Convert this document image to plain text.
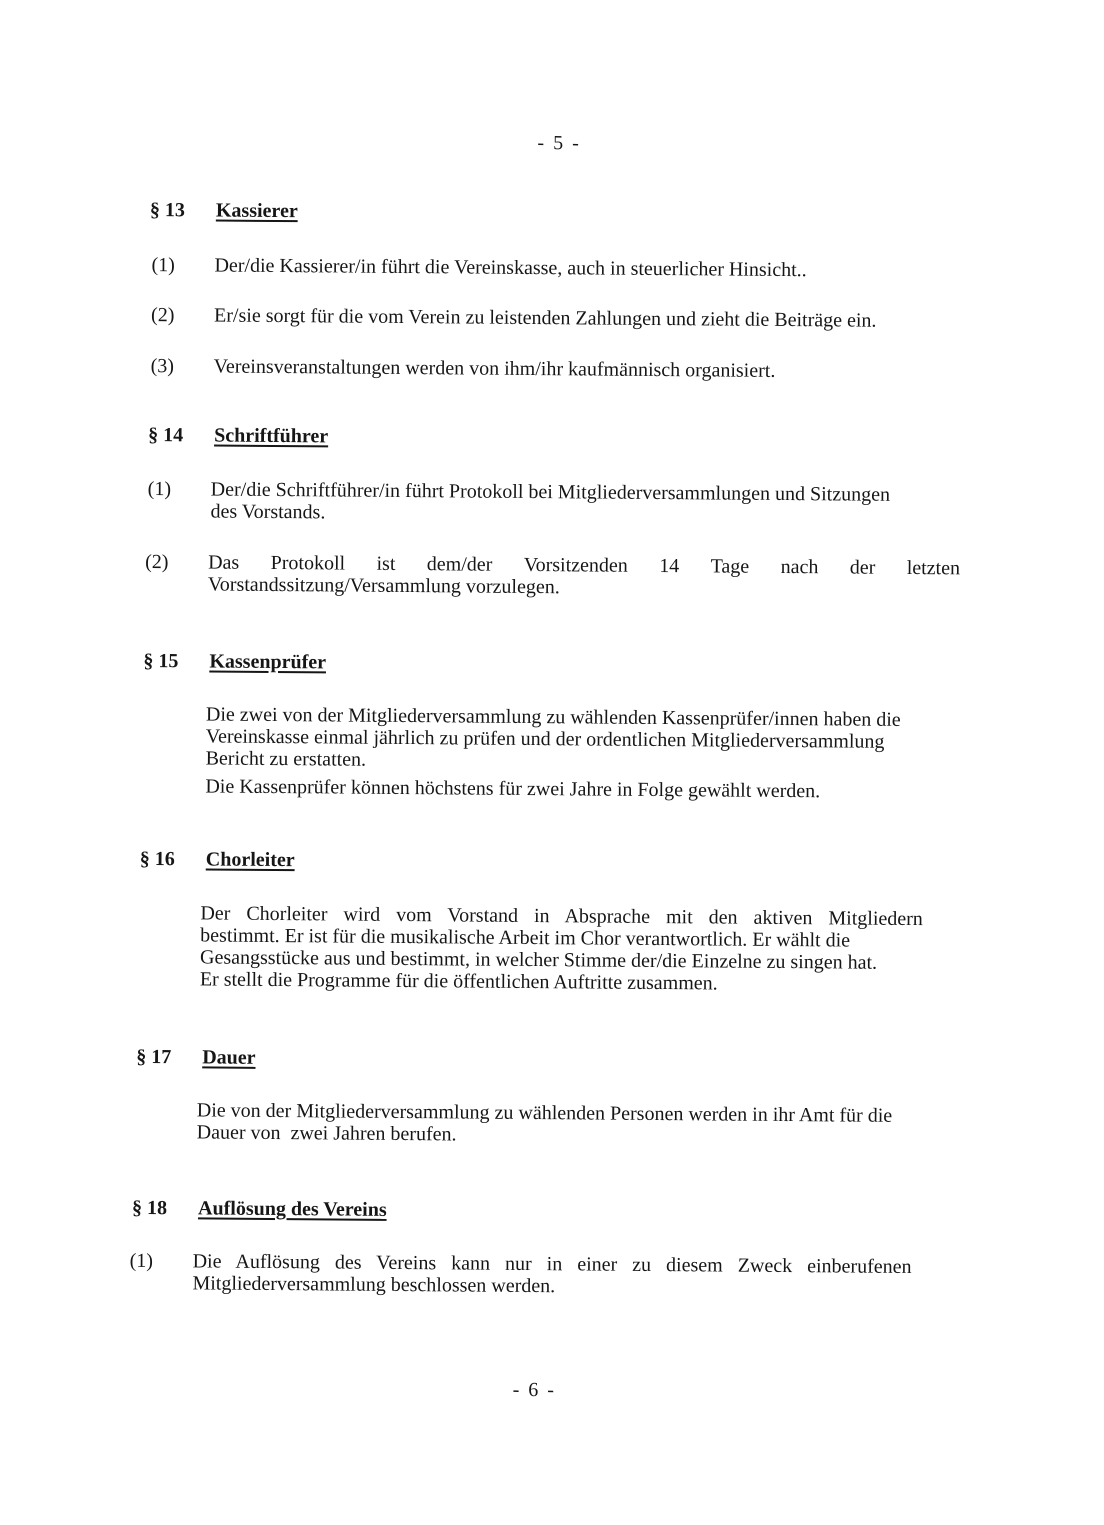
- 5 -
§ 13 Kassierer
(1) Der/die Kassierer/in führt die Vereinskasse, auch in steuerlicher Hinsicht..
(2) Er/sie sorgt für die vom Verein zu leistenden Zahlungen und zieht die Beiträge ein.
(3) Vereinsveranstaltungen werden von ihm/ihr kaufmännisch organisiert.
§ 14 Schriftführer
(1) Der/die Schriftführer/in führt Protokoll bei Mitgliederversammlungen und Sitzungen
des Vorstands.
(2) Das Protokoll ist dem/der Vorsitzenden 14 Tage nach der letzten
Vorstandssitzung/Versammlung vorzulegen.
§ 15 Kassenprüfer
Die zwei von der Mitgliederversammlung zu wählenden Kassenprüfer/innen haben die
Vereinskasse einmal jährlich zu prüfen und der ordentlichen Mitgliederversammlung
Bericht zu erstatten.
Die Kassenprüfer können höchstens für zwei Jahre in Folge gewählt werden.
§ 16 Chorleiter
Der Chorleiter wird vom Vorstand in Absprache mit den aktiven Mitgliedern
bestimmt. Er ist für die musikalische Arbeit im Chor verantwortlich. Er wählt die
Gesangsstücke aus und bestimmt, in welcher Stimme der/die Einzelne zu singen hat.
Er stellt die Programme für die öffentlichen Auftritte zusammen.
§ 17 Dauer
Die von der Mitgliederversammlung zu wählenden Personen werden in ihr Amt für die
Dauer von  zwei Jahren berufen.
§ 18 Auflösung des Vereins
(1) Die Auflösung des Vereins kann nur in einer zu diesem Zweck einberufenen
Mitgliederversammlung beschlossen werden.
- 6 -
